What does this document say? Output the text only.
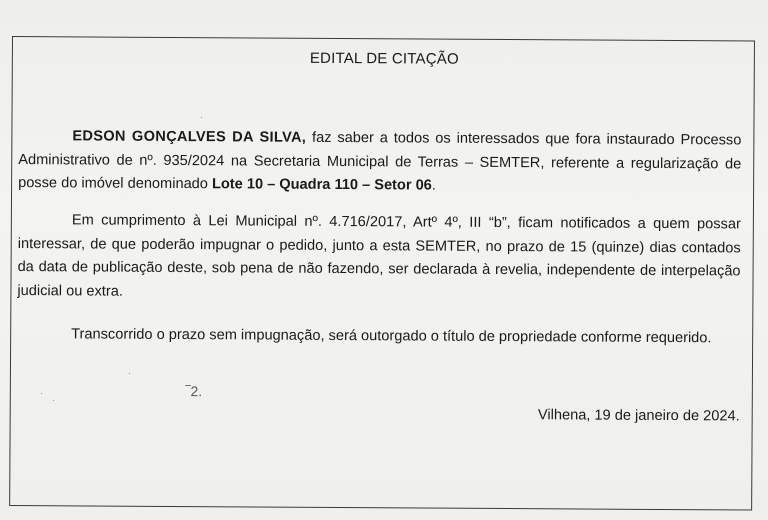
EDITAL DE CITAÇÃO
EDSON GONÇALVES DA SILVA, faz saber a todos os interessados que fora instaurado Processo Administrativo de nº. 935/2024 na Secretaria Municipal de Terras – SEMTER, referente a regularização de posse do imóvel denominado Lote 10 – Quadra 110 – Setor 06.
Em cumprimento à Lei Municipal nº. 4.716/2017, Artº 4º, III “b”, ficam notificados a quem possar interessar, de que poderão impugnar o pedido, junto a esta SEMTER, no prazo de 15 (quinze) dias contados da data de publicação deste, sob pena de não fazendo, ser declarada à revelia, independente de interpelação judicial ou extra.
Transcorrido o prazo sem impugnação, será outorgado o título de propriedade conforme requerido.
‾2.
Vilhena, 19 de janeiro de 2024.
·
·
·
·
